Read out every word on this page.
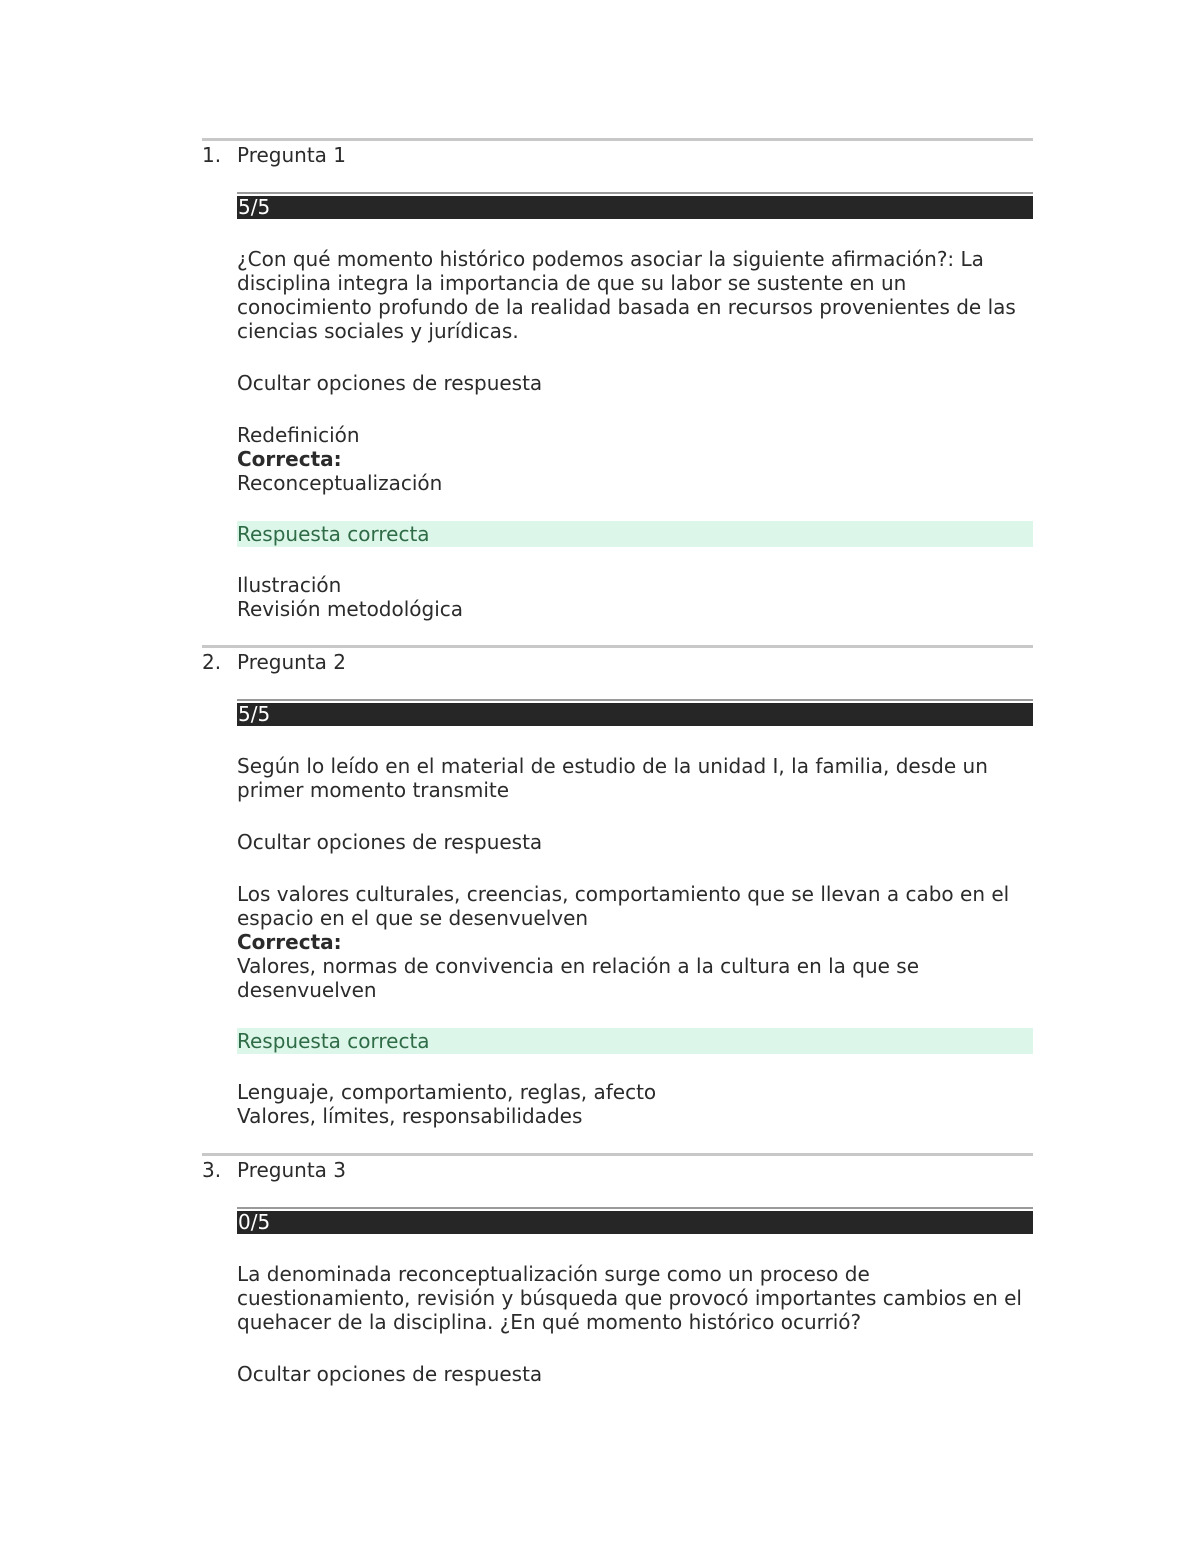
1. Pregunta 1
5/5
¿Con qué momento histórico podemos asociar la siguiente afirmación?: La disciplina integra la importancia de que su labor se sustente en un conocimiento profundo de la realidad basada en recursos provenientes de las ciencias sociales y jurídicas.
Ocultar opciones de respuesta
Redefinición
Correcta:
Reconceptualización
Respuesta correcta
Ilustración
Revisión metodológica
2. Pregunta 2
5/5
Según lo leído en el material de estudio de la unidad I, la familia, desde un primer momento transmite
Ocultar opciones de respuesta
Los valores culturales, creencias, comportamiento que se llevan a cabo en el espacio en el que se desenvuelven
Correcta:
Valores, normas de convivencia en relación a la cultura en la que se desenvuelven
Respuesta correcta
Lenguaje, comportamiento, reglas, afecto
Valores, límites, responsabilidades
3. Pregunta 3
0/5
La denominada reconceptualización surge como un proceso de cuestionamiento, revisión y búsqueda que provocó importantes cambios en el quehacer de la disciplina. ¿En qué momento histórico ocurrió?
Ocultar opciones de respuesta
